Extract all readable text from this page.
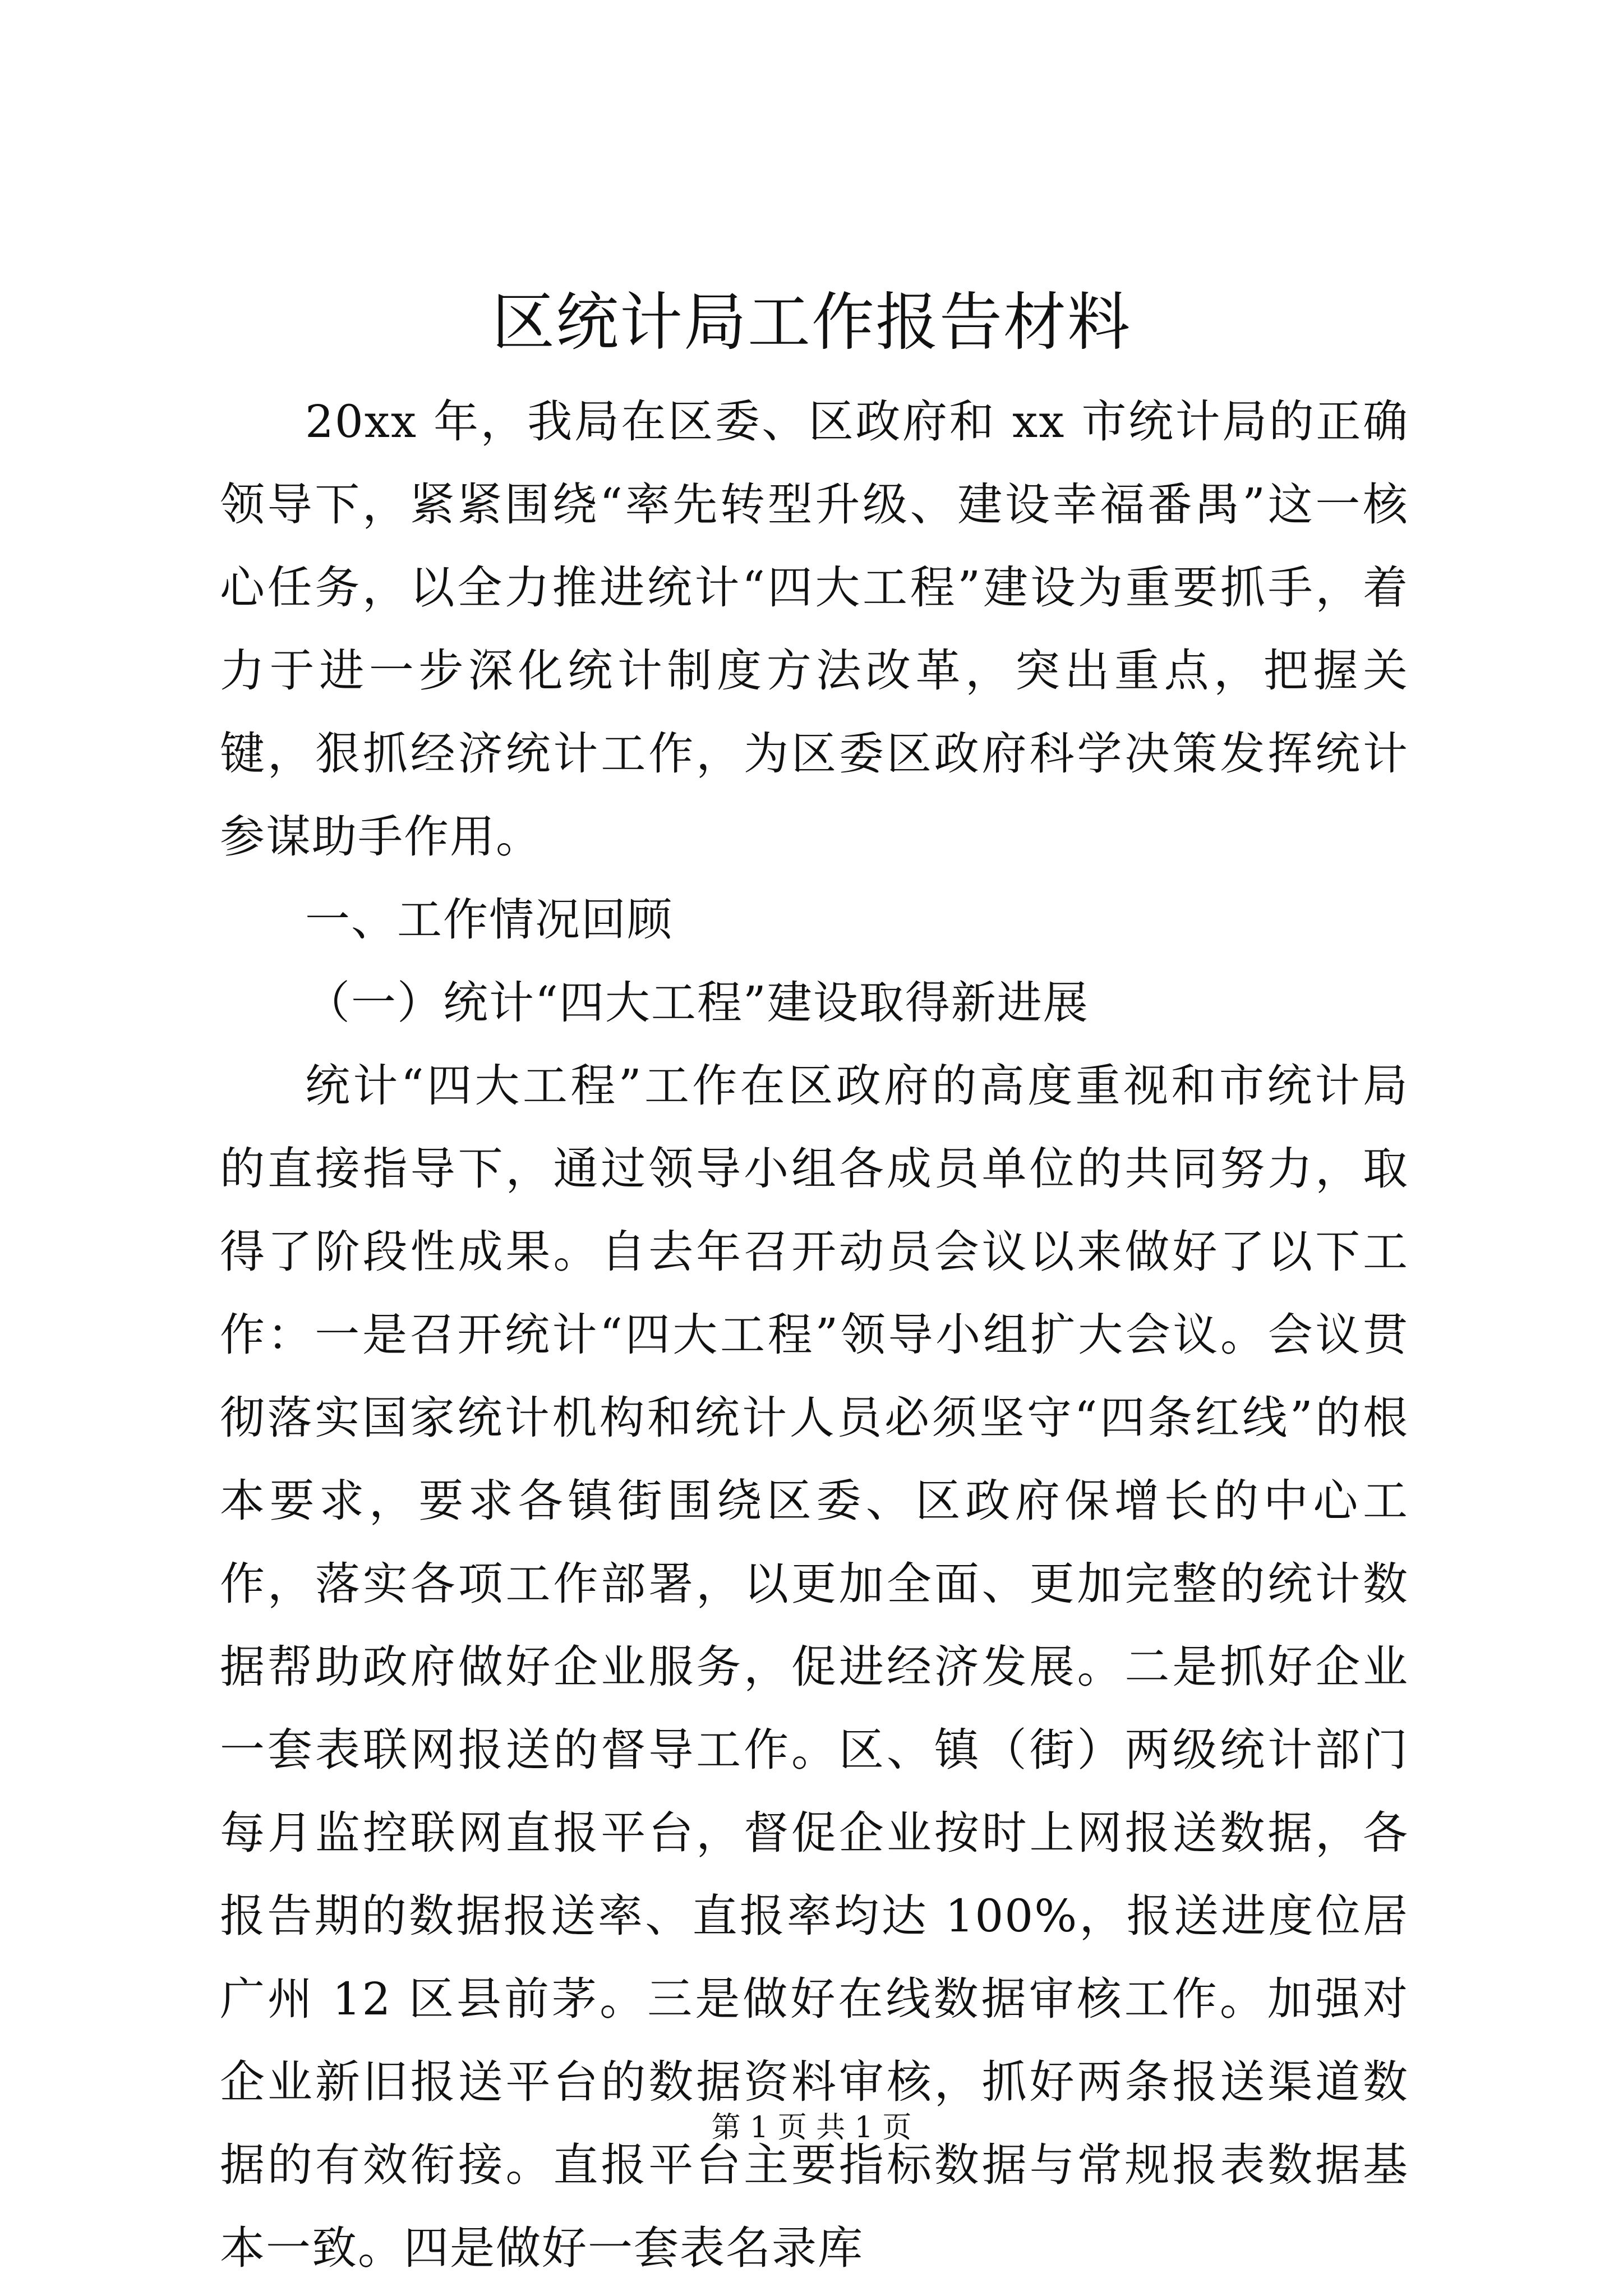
区统计局工作报告材料

20xx 年，我局在区委、区政府和 xx 市统计局的正确领导下，紧紧围绕“率先转型升级、建设幸福番禺”这一核心任务，以全力推进统计“四大工程”建设为重要抓手，着力于进一步深化统计制度方法改革，突出重点，把握关键，狠抓经济统计工作，为区委区政府科学决策发挥统计参谋助手作用。

一、工作情况回顾

（一）统计“四大工程”建设取得新进展

统计“四大工程”工作在区政府的高度重视和市统计局的直接指导下，通过领导小组各成员单位的共同努力，取得了阶段性成果。自去年召开动员会议以来做好了以下工作：一是召开统计“四大工程”领导小组扩大会议。会议贯彻落实国家统计机构和统计人员必须坚守“四条红线”的根本要求，要求各镇街围绕区委、区政府保增长的中心工作，落实各项工作部署，以更加全面、更加完整的统计数据帮助政府做好企业服务，促进经济发展。二是抓好企业一套表联网报送的督导工作。区、镇（街）两级统计部门每月监控联网直报平台，督促企业按时上网报送数据，各报告期的数据报送率、直报率均达 100%，报送进度位居广州 12 区县前茅。三是做好在线数据审核工作。加强对企业新旧报送平台的数据资料审核，抓好两条报送渠道数据的有效衔接。直报平台主要指标数据与常规报表数据基本一致。四是做好一套表名录库

第 1 页 共 1 页
